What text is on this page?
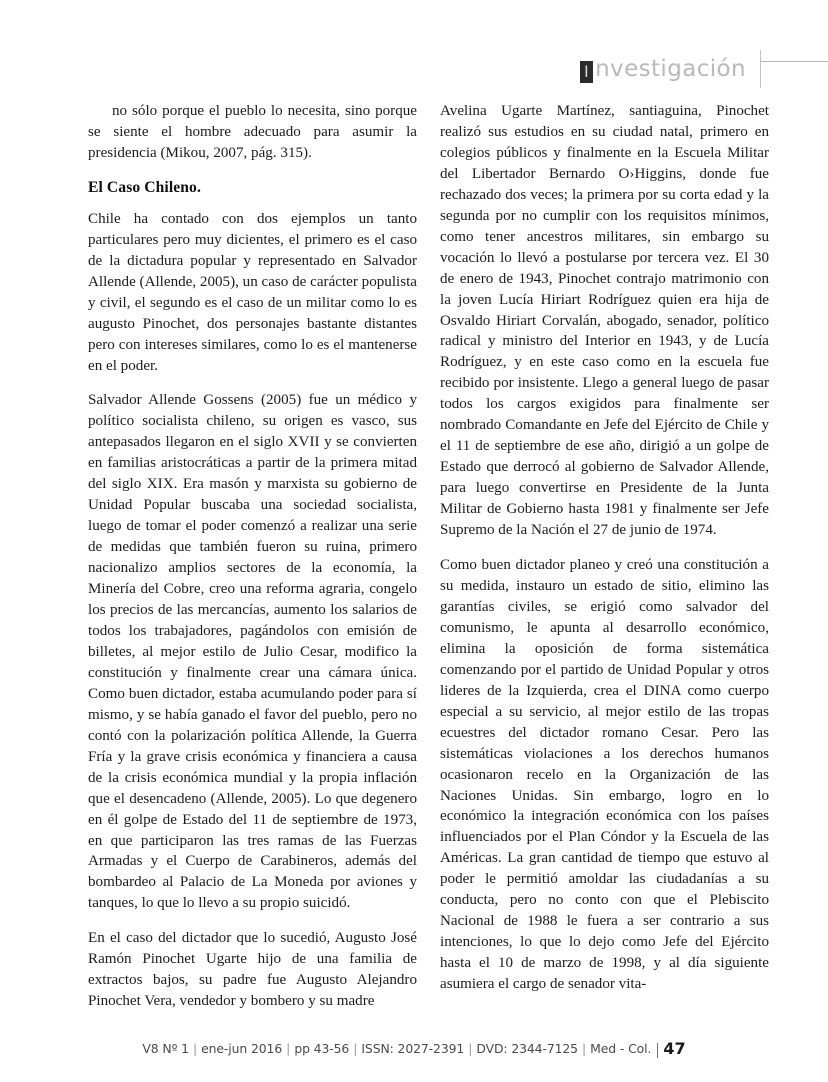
I nvestigación

no sólo porque el pueblo lo necesita, sino porque se siente el hombre adecuado para asumir la presidencia (Mikou, 2007, pág. 315).

El Caso Chileno.

Chile ha contado con dos ejemplos un tanto particulares pero muy dicientes, el primero es el caso de la dictadura popular y representado en Salvador Allende (Allende, 2005), un caso de carácter populista y civil, el segundo es el caso de un militar como lo es augusto Pinochet, dos personajes bastante distantes pero con intereses similares, como lo es el mantenerse en el poder.

Salvador Allende Gossens (2005) fue un médico y político socialista chileno, su origen es vasco, sus antepasados llegaron en el siglo XVII y se convierten en familias aristocráticas a partir de la primera mitad del siglo XIX. Era masón y marxista su gobierno de Unidad Popular buscaba una sociedad socialista, luego de tomar el poder comenzó a realizar una serie de medidas que también fueron su ruina, primero nacionalizo amplios sectores de la economía, la Minería del Cobre, creo una reforma agraria, congelo los precios de las mercancías, aumento los salarios de todos los trabajadores, pagándolos con emisión de billetes, al mejor estilo de Julio Cesar, modifico la constitución y finalmente crear una cámara única. Como buen dictador, estaba acumulando poder para sí mismo, y se había ganado el favor del pueblo, pero no contó con la polarización política Allende, la Guerra Fría y la grave crisis económica y financiera a causa de la crisis económica mundial y la propia inflación que el desencadeno (Allende, 2005). Lo que degenero en él golpe de Estado del 11 de septiembre de 1973, en que participaron las tres ramas de las Fuerzas Armadas y el Cuerpo de Carabineros, además del bombardeo al Palacio de La Moneda por aviones y tanques, lo que lo llevo a su propio suicidó.

En el caso del dictador que lo sucedió, Augusto José Ramón Pinochet Ugarte hijo de una familia de extractos bajos, su padre fue Augusto Alejandro Pinochet Vera, vendedor y bombero y su madre

Avelina Ugarte Martínez, santiaguina, Pinochet realizó sus estudios en su ciudad natal, primero en colegios públicos y finalmente en la Escuela Militar del Libertador Bernardo O›Higgins, donde fue rechazado dos veces; la primera por su corta edad y la segunda por no cumplir con los requisitos mínimos, como tener ancestros militares, sin embargo su vocación lo llevó a postularse por tercera vez. El 30 de enero de 1943, Pinochet contrajo matrimonio con la joven Lucía Hiriart Rodríguez quien era hija de Osvaldo Hiriart Corvalán, abogado, senador, político radical y ministro del Interior en 1943, y de Lucía Rodríguez, y en este caso como en la escuela fue recibido por insistente. Llego a general luego de pasar todos los cargos exigidos para finalmente ser nombrado Comandante en Jefe del Ejército de Chile y el 11 de septiembre de ese año, dirigió a un golpe de Estado que derrocó al gobierno de Salvador Allende, para luego convertirse en Presidente de la Junta Militar de Gobierno hasta 1981 y finalmente ser Jefe Supremo de la Nación el 27 de junio de 1974.

Como buen dictador planeo y creó una constitución a su medida, instauro un estado de sitio, elimino las garantías civiles, se erigió como salvador del comunismo, le apunta al desarrollo económico, elimina la oposición de forma sistemática comenzando por el partido de Unidad Popular y otros lideres de la Izquierda, crea el DINA como cuerpo especial a su servicio, al mejor estilo de las tropas ecuestres del dictador romano Cesar. Pero las sistemáticas violaciones a los derechos humanos ocasionaron recelo en la Organización de las Naciones Unidas. Sin embargo, logro en lo económico la integración económica con los países influenciados por el Plan Cóndor y la Escuela de las Américas. La gran cantidad de tiempo que estuvo al poder le permitió amoldar las ciudadanías a su conducta, pero no conto con que el Plebiscito Nacional de 1988 le fuera a ser contrario a sus intenciones, lo que lo dejo como Jefe del Ejército hasta el 10 de marzo de 1998, y al día siguiente asumiera el cargo de senador vita-

V8 Nº 1 | ene-jun 2016 | pp 43-56 | ISSN: 2027-2391 | DVD: 2344-7125 | Med - Col. 47
